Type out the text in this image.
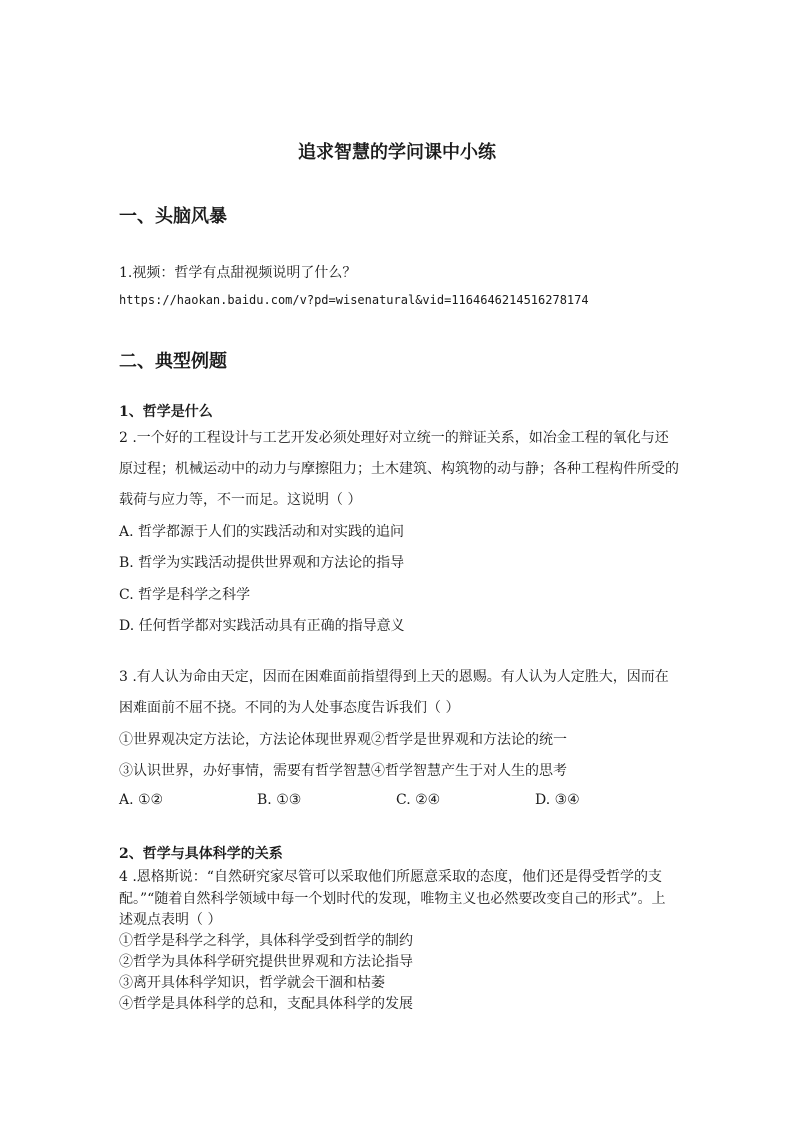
追求智慧的学问课中小练
一、头脑风暴
1.视频：哲学有点甜视频说明了什么？
https://haokan.baidu.com/v?pd=wisenatural&vid=1164646214516278174
二、典型例题
1、哲学是什么
2 .一个好的工程设计与工艺开发必须处理好对立统一的辩证关系，如冶金工程的氧化与还
原过程；机械运动中的动力与摩擦阻力；土木建筑、构筑物的动与静；各种工程构件所受的
载荷与应力等，不一而足。这说明（ ）
A. 哲学都源于人们的实践活动和对实践的追问
B. 哲学为实践活动提供世界观和方法论的指导
C. 哲学是科学之科学
D. 任何哲学都对实践活动具有正确的指导意义
3 .有人认为命由天定，因而在困难面前指望得到上天的恩赐。有人认为人定胜大，因而在
困难面前不屈不挠。不同的为人处事态度告诉我们（ ）
①世界观决定方法论，方法论体现世界观②哲学是世界观和方法论的统一
③认识世界，办好事情，需要有哲学智慧④哲学智慧产生于对人生的思考
A. ①②	B. ①③	C. ②④	D. ③④
2、哲学与具体科学的关系
4 .恩格斯说：“自然研究家尽管可以采取他们所愿意采取的态度，他们还是得受哲学的支
配。”“随着自然科学领域中每一个划时代的发现，唯物主义也必然要改变自己的形式”。上
述观点表明（ ）
①哲学是科学之科学，具体科学受到哲学的制约
②哲学为具体科学研究提供世界观和方法论指导
③离开具体科学知识，哲学就会干涸和枯萎
④哲学是具体科学的总和，支配具体科学的发展
